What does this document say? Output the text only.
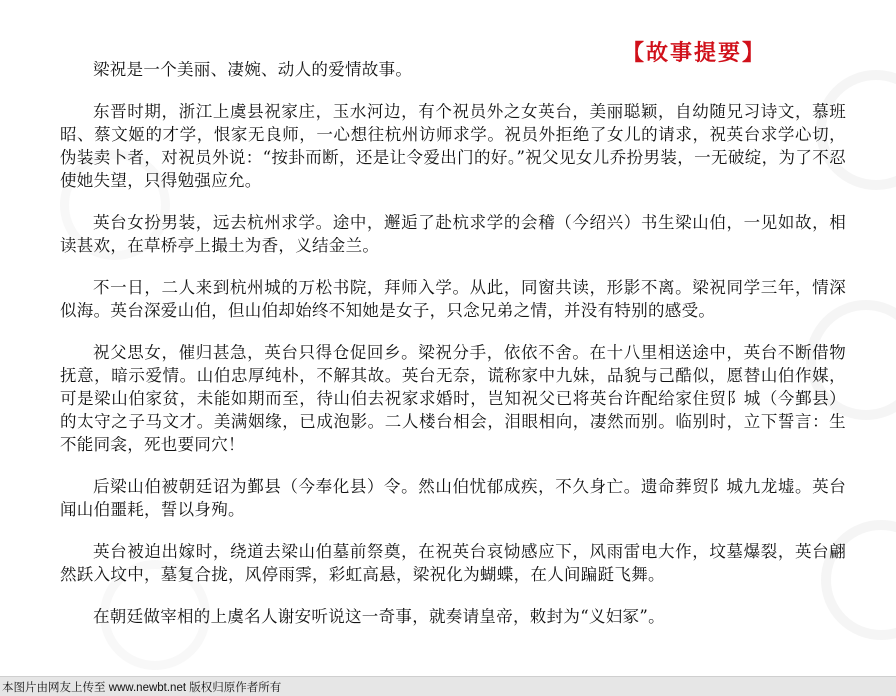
【故事提要】

梁祝是一个美丽、凄婉、动人的爱情故事。

东晋时期，浙江上虞县祝家庄，玉水河边，有个祝员外之女英台，美丽聪颖，自幼随兄习诗文，慕班昭、蔡文姬的才学，恨家无良师，一心想往杭州访师求学。祝员外拒绝了女儿的请求，祝英台求学心切，伪装卖卜者，对祝员外说：“按卦而断，还是让令爱出门的好。”祝父见女儿乔扮男装，一无破绽，为了不忍使她失望，只得勉强应允。

英台女扮男装，远去杭州求学。途中，邂逅了赴杭求学的会稽（今绍兴）书生梁山伯，一见如故，相读甚欢，在草桥亭上撮土为香，义结金兰。

不一日，二人来到杭州城的万松书院，拜师入学。从此，同窗共读，形影不离。梁祝同学三年，情深似海。英台深爱山伯，但山伯却始终不知她是女子，只念兄弟之情，并没有特别的感受。

祝父思女，催归甚急，英台只得仓促回乡。梁祝分手，依依不舍。在十八里相送途中，英台不断借物抚意，暗示爱情。山伯忠厚纯朴，不解其故。英台无奈，谎称家中九妹，品貌与己酷似，愿替山伯作媒，可是梁山伯家贫，未能如期而至，待山伯去祝家求婚时，岂知祝父已将英台许配给家住贸阝城（今鄞县）的太守之子马文才。美满姻缘，已成泡影。二人楼台相会，泪眼相向，凄然而别。临别时，立下誓言：生不能同衾，死也要同穴！

后梁山伯被朝廷诏为鄞县（今奉化县）令。然山伯忧郁成疾，不久身亡。遗命葬贸阝城九龙墟。英台闻山伯噩耗，誓以身殉。

英台被迫出嫁时，绕道去梁山伯墓前祭奠，在祝英台哀恸感应下，风雨雷电大作，坟墓爆裂，英台翩然跃入坟中，墓复合拢，风停雨霁，彩虹高悬，梁祝化为蝴蝶，在人间蹁跹飞舞。

在朝廷做宰相的上虞名人谢安听说这一奇事，就奏请皇帝，敕封为“义妇冢”。

本图片由网友上传至 www.newbt.net 版权归原作者所有
